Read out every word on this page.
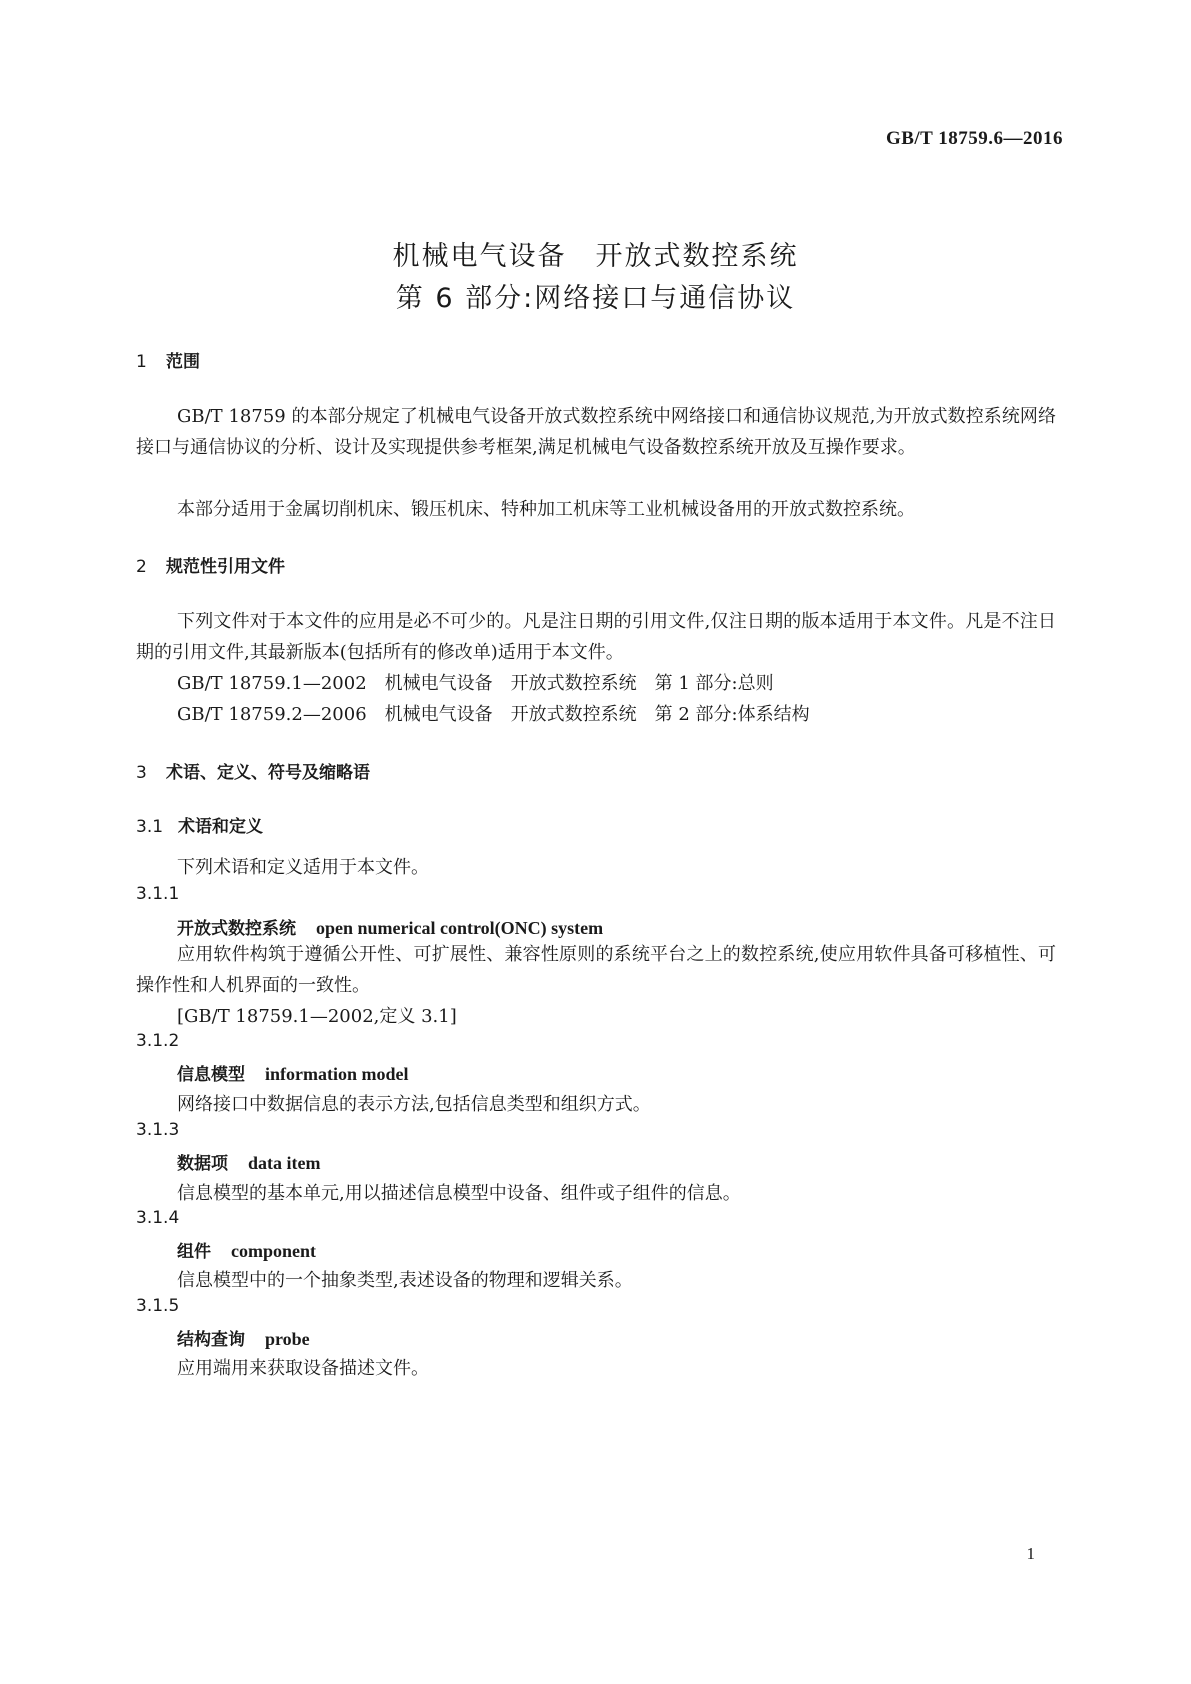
GB/T 18759.6—2016
机械电气设备　开放式数控系统
第 6 部分:网络接口与通信协议
1 范围
GB/T 18759 的本部分规定了机械电气设备开放式数控系统中网络接口和通信协议规范,为开放式数控系统网络接口与通信协议的分析、设计及实现提供参考框架,满足机械电气设备数控系统开放及互操作要求。
本部分适用于金属切削机床、锻压机床、特种加工机床等工业机械设备用的开放式数控系统。
2 规范性引用文件
下列文件对于本文件的应用是必不可少的。凡是注日期的引用文件,仅注日期的版本适用于本文件。凡是不注日期的引用文件,其最新版本(包括所有的修改单)适用于本文件。
GB/T 18759.1—2002　机械电气设备　开放式数控系统　第 1 部分:总则
GB/T 18759.2—2006　机械电气设备　开放式数控系统　第 2 部分:体系结构
3 术语、定义、符号及缩略语
3.1 术语和定义
下列术语和定义适用于本文件。
3.1.1
开放式数控系统 open numerical control(ONC) system
应用软件构筑于遵循公开性、可扩展性、兼容性原则的系统平台之上的数控系统,使应用软件具备可移植性、可操作性和人机界面的一致性。
[GB/T 18759.1—2002,定义 3.1]
3.1.2
信息模型 information model
网络接口中数据信息的表示方法,包括信息类型和组织方式。
3.1.3
数据项 data item
信息模型的基本单元,用以描述信息模型中设备、组件或子组件的信息。
3.1.4
组件 component
信息模型中的一个抽象类型,表述设备的物理和逻辑关系。
3.1.5
结构查询 probe
应用端用来获取设备描述文件。
1
